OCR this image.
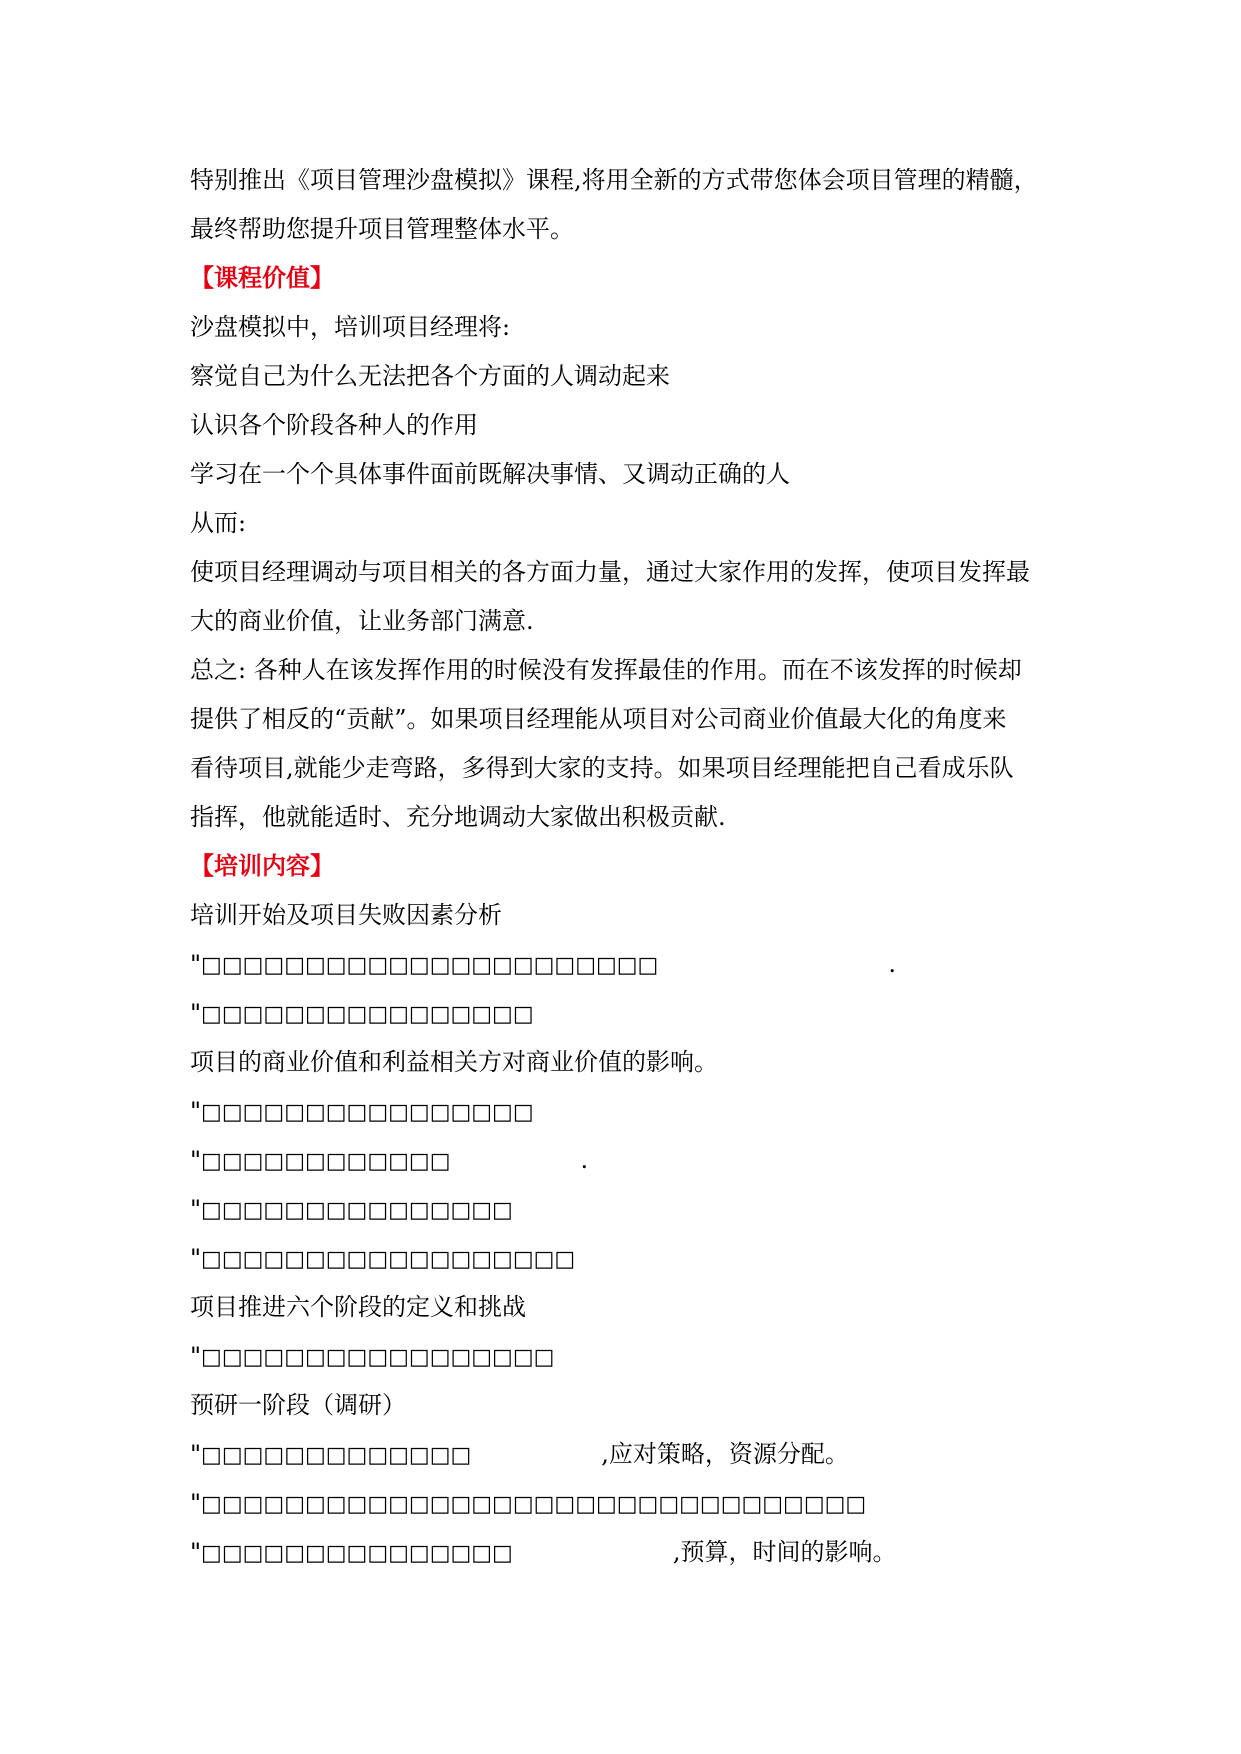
特别推出《项目管理沙盘模拟》课程,将用全新的方式带您体会项目管理的精髓，
最终帮助您提升项目管理整体水平。
【课程价值】
沙盘模拟中，培训项目经理将:
察觉自己为什么无法把各个方面的人调动起来
认识各个阶段各种人的作用
学习在一个个具体事件面前既解决事情、又调动正确的人
从而:
使项目经理调动与项目相关的各方面力量，通过大家作用的发挥，使项目发挥最
大的商业价值，让业务部门满意.
总之: 各种人在该发挥作用的时候没有发挥最佳的作用。而在不该发挥的时候却
提供了相反的“贡献”。如果项目经理能从项目对公司商业价值最大化的角度来
看待项目,就能少走弯路，多得到大家的支持。如果项目经理能把自己看成乐队
指挥，他就能适时、充分地调动大家做出积极贡献.
【培训内容】
培训开始及项目失败因素分析
"□□□□□□□□□□□□□□□□□□□□□□	.
"□□□□□□□□□□□□□□□□
项目的商业价值和利益相关方对商业价值的影响。
"□□□□□□□□□□□□□□□□
"□□□□□□□□□□□□	.
"□□□□□□□□□□□□□□□
"□□□□□□□□□□□□□□□□□□
项目推进六个阶段的定义和挑战
"□□□□□□□□□□□□□□□□□
预研一阶段（调研）
"□□□□□□□□□□□□□	,应对策略，资源分配。
"□□□□□□□□□□□□□□□□□□□□□□□□□□□□□□□□
"□□□□□□□□□□□□□□□	,预算，时间的影响。
